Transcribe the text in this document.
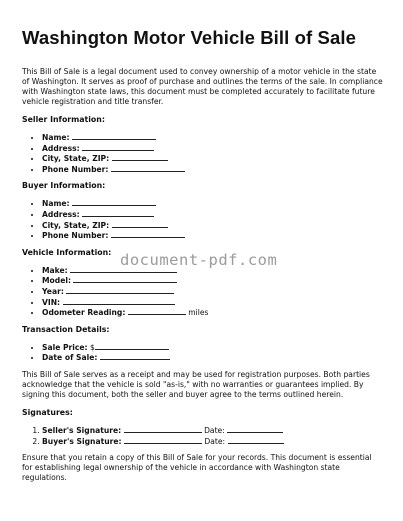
Washington Motor Vehicle Bill of Sale

This Bill of Sale is a legal document used to convey ownership of a motor vehicle in the state of Washington. It serves as proof of purchase and outlines the terms of the sale. In compliance with Washington state laws, this document must be completed accurately to facilitate future vehicle registration and title transfer.

Seller Information:
• Name:
• Address:
• City, State, ZIP:
• Phone Number:
Buyer Information:
• Name:
• Address:
• City, State, ZIP:
• Phone Number:
Vehicle Information:
• Make:
• Model:
• Year:
• VIN:
• Odometer Reading:	miles
Transaction Details:
• Sale Price: $
• Date of Sale:

This Bill of Sale serves as a receipt and may be used for registration purposes. Both parties acknowledge that the vehicle is sold "as-is," with no warranties or guarantees implied. By signing this document, both the seller and buyer agree to the terms outlined herein.

Signatures:
1. Seller's Signature:	Date:
2. Buyer's Signature:	Date:

Ensure that you retain a copy of this Bill of Sale for your records. This document is essential for establishing legal ownership of the vehicle in accordance with Washington state regulations.

document-pdf.com
